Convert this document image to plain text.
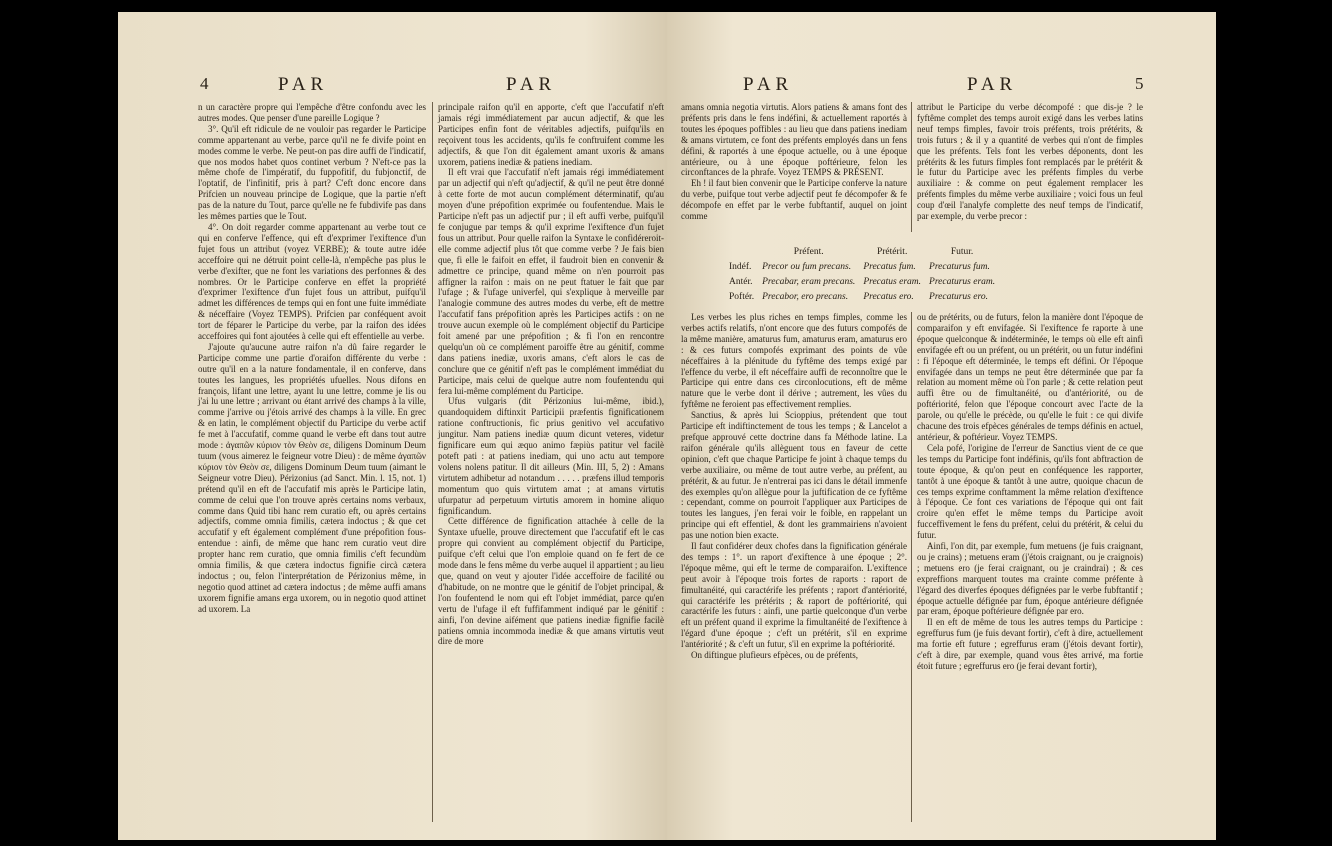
4	PAR	PAR

n un caractère propre qui l'empêche d'être confondu avec les autres modes. Que penser d'une pareille Logique ?

3°. Qu'il eft ridicule de ne vouloir pas regarder le Participe comme appartenant au verbe, parce qu'il ne fe divife point en modes comme le verbe. Ne peut-on pas dire auffi de l'indicatif, que nos modos habet quos continet verbum ? N'eft-ce pas la même chofe de l'impératif, du fuppofitif, du fubjonctif, de l'optatif, de l'infinitif, pris à part? C'eft donc encore dans Prifcien un nouveau principe de Logique, que la partie n'eft pas de la nature du Tout, parce qu'elle ne fe fubdivife pas dans les mêmes parties que le Tout.

4°. On doit regarder comme appartenant au verbe tout ce qui en conferve l'effence, qui eft d'exprimer l'exiftence d'un fujet fous un attribut (voyez VERBE); & toute autre idée acceffoire qui ne détruit point celle-là, n'empêche pas plus le verbe d'exifter, que ne font les variations des perfonnes & des nombres. Or le Participe conferve en effet la propriété d'exprimer l'exiftence d'un fujet fous un attribut, puifqu'il admet les différences de temps qui en font une fuite immédiate & néceffaire (Voyez TEMPS). Prifcien par conféquent avoit tort de féparer le Participe du verbe, par la raifon des idées acceffoires qui font ajoutées à celle qui eft effentielle au verbe.

J'ajoute qu'aucune autre raifon n'a dû faire regarder le Participe comme une partie d'oraifon différente du verbe : outre qu'il en a la nature fondamentale, il en conferve, dans toutes les langues, les propriétés ufuelles. Nous difons en françois, lifant une lettre, ayant lu une lettre, comme je lis ou j'ai lu une lettre ; arrivant ou étant arrivé des champs à la ville, comme j'arrive ou j'étois arrivé des champs à la ville. En grec & en latin, le complément objectif du Participe du verbe actif fe met à l'accufatif, comme quand le verbe eft dans tout autre mode : ἀγαπῶν κύριον τὸν Θεὸν σε, diligens Dominum Deum tuum (vous aimerez le feigneur votre Dieu) : de même ἀγαπῶν κύριον τὸν Θεὸν σε, diligens Dominum Deum tuum (aimant le Seigneur votre Dieu). Périzonius (ad Sanct. Min. l. 15, not. 1) prétend qu'il en eft de l'accufatif mis après le Participe latin, comme de celui que l'on trouve après certains noms verbaux, comme dans Quid tibi hanc rem curatio eft, ou après certains adjectifs, comme omnia fimilis, cætera indoctus ; & que cet accufatif y eft également complément d'une prépofition fous-entendue : ainfi, de même que hanc rem curatio veut dire propter hanc rem curatio, que omnia fimilis c'eft fecundùm omnia fimilis, & que cætera indoctus fignifie circà cætera indoctus ; ou, felon l'interprétation de Périzonius même, in negotio quod attinet ad cætera indoctus ; de même auffi amans uxorem fignifie amans erga uxorem, ou in negotio quod attinet ad uxorem. La

principale raifon qu'il en apporte, c'eft que l'accufatif n'eft jamais régi immédiatement par aucun adjectif, & que les Participes enfin font de véritables adjectifs, puifqu'ils en reçoivent tous les accidents, qu'ils fe conftruifent comme les adjectifs, & que l'on dit également amant uxoris & amans uxorem, patiens inediæ & patiens inediam.

Il eft vrai que l'accufatif n'eft jamais régi immédiatement par un adjectif qui n'eft qu'adjectif, & qu'il ne peut être donné à cette forte de mot aucun complément déterminatif, qu'au moyen d'une prépofition exprimée ou foufentendue. Mais le Participe n'eft pas un adjectif pur ; il eft auffi verbe, puifqu'il fe conjugue par temps & qu'il exprime l'exiftence d'un fujet fous un attribut. Pour quelle raifon la Syntaxe le confidéreroit-elle comme adjectif plus tôt que comme verbe ? Je fais bien que, fi elle le faifoit en effet, il faudroit bien en convenir & admettre ce principe, quand même on n'en pourroit pas affigner la raifon : mais on ne peut ftatuer le fait que par l'ufage ; & l'ufage univerfel, qui s'explique à merveille par l'analogie commune des autres modes du verbe, eft de mettre l'accufatif fans prépofition après les Participes actifs : on ne trouve aucun exemple où le complément objectif du Participe foit amené par une prépofition ; & fi l'on en rencontre quelqu'un où ce complément paroiffe être au génitif, comme dans patiens inediæ, uxoris amans, c'eft alors le cas de conclure que ce génitif n'eft pas le complément immédiat du Participe, mais celui de quelque autre nom foufentendu qui fera lui-même complément du Participe.

Ufus vulgaris (dit Périzonius lui-même, ibid.), quandoquidem diftinxit Participii præfentis fignificationem ratione conftructionis, fic prius genitivo vel accufativo jungitur. Nam patiens inediæ quum dicunt veteres, videtur fignificare eum qui æquo animo fæpiùs patitur vel facilè poteft pati : at patiens inediam, qui uno actu aut tempore volens nolens patitur. Il dit ailleurs (Min. III, 5, 2) : Amans virtutem adhibetur ad notandum . . . . . præfens illud temporis momentum quo quis virtutem amat ; at amans virtutis ufurpatur ad perpetuum virtutis amorem in homine aliquo fignificandum.

Cette différence de fignification attachée à celle de la Syntaxe ufuelle, prouve directement que l'accufatif eft le cas propre qui convient au complément objectif du Participe, puifque c'eft celui que l'on emploie quand on fe fert de ce mode dans le fens même du verbe auquel il appartient ; au lieu que, quand on veut y ajouter l'idée acceffoire de facilité ou d'habitude, on ne montre que le génitif de l'objet principal, & l'on foufentend le nom qui eft l'objet immédiat, parce qu'en vertu de l'ufage il eft fuffifamment indiqué par le génitif : ainfi, l'on devine aifément que patiens inediæ fignifie facilè patiens omnia incommoda inediæ & que amans virtutis veut dire de more

PAR	PAR	5

amans omnia negotia virtutis. Alors patiens & amans font des préfents pris dans le fens indéfini, & actuellement raportés à toutes les époques poffibles : au lieu que dans patiens inediam & amans virtutem, ce font des préfents employés dans un fens défini, & raportés à une époque actuelle, ou à une époque antérieure, ou à une époque poftérieure, felon les circonftances de la phrafe. Voyez TEMPS & PRÉSENT.

Eh ! il faut bien convenir que le Participe conferve la nature du verbe, puifque tout verbe adjectif peut fe décompofer & fe décompofe en effet par le verbe fubftantif, auquel on joint comme

attribut le Participe du verbe décompofé : que dis-je ? le fyftême complet des temps auroit exigé dans les verbes latins neuf temps fimples, favoir trois préfents, trois prétérits, & trois futurs ; & il y a quantité de verbes qui n'ont de fimples que les préfents. Tels font les verbes déponents, dont les prétérits & les futurs fimples font remplacés par le prétérit & le futur du Participe avec les préfents fimples du verbe auxiliaire : & comme on peut également remplacer les préfents fimples du même verbe auxiliaire ; voici fous un feul coup d'œil l'analyfe complette des neuf temps de l'indicatif, par exemple, du verbe precor :

	Préfent.	Prétérit.	Futur.
Indéf.	Precor ou fum precans.	Precatus fum.	Precaturus fum.
Antér.	Precabar, eram precans.	Precatus eram.	Precaturus eram.
Poftér.	Precabor, ero precans.	Precatus ero.	Precaturus ero.

Les verbes les plus riches en temps fimples, comme les verbes actifs relatifs, n'ont encore que des futurs compofés de la même manière, amaturus fum, amaturus eram, amaturus ero : & ces futurs compofés exprimant des points de vûe néceffaires à la plénitude du fyftême des temps exigé par l'effence du verbe, il eft néceffaire auffi de reconnoître que le Participe qui entre dans ces circonlocutions, eft de même nature que le verbe dont il dérive ; autrement, les vûes du fyftême ne feroient pas effectivement remplies.

Sanctius, & après lui Scioppius, prétendent que tout Participe eft indiftinctement de tous les temps ; & Lancelot a prefque approuvé cette doctrine dans fa Méthode latine. La raifon générale qu'ils allèguent tous en faveur de cette opinion, c'eft que chaque Participe fe joint à chaque temps du verbe auxiliaire, ou même de tout autre verbe, au préfent, au prétérit, & au futur. Je n'entrerai pas ici dans le détail immenfe des exemples qu'on allègue pour la juftification de ce fyftême : cependant, comme on pourroit l'appliquer aux Participes de toutes les langues, j'en ferai voir le foible, en rappelant un principe qui eft effentiel, & dont les grammairiens n'avoient pas une notion bien exacte.

Il faut confidérer deux chofes dans la fignification générale des temps : 1°. un raport d'exiftence à une époque ; 2°. l'époque même, qui eft le terme de comparaifon. L'exiftence peut avoir à l'époque trois fortes de raports : raport de fimultanéité, qui caractérife les préfents ; raport d'antériorité, qui caractérife les prétérits ; & raport de poftériorité, qui caractérife les futurs : ainfi, une partie quelconque d'un verbe eft un préfent quand il exprime la fimultanéité de l'exiftence à l'égard d'une époque ; c'eft un prétérit, s'il en exprime l'antériorité ; & c'eft un futur, s'il en exprime la poftériorité.

On diftingue plufieurs efpèces, ou de préfents,

ou de prétérits, ou de futurs, felon la manière dont l'époque de comparaifon y eft envifagée. Si l'exiftence fe raporte à une époque quelconque & indéterminée, le temps où elle eft ainfi envifagée eft ou un préfent, ou un prétérit, ou un futur indéfini : fi l'époque eft déterminée, le temps eft défini. Or l'époque envifagée dans un temps ne peut être déterminée que par fa relation au moment même où l'on parle ; & cette relation peut auffi être ou de fimultanéité, ou d'antériorité, ou de poftériorité, felon que l'époque concourt avec l'acte de la parole, ou qu'elle le précède, ou qu'elle le fuit : ce qui divife chacune des trois efpèces générales de temps définis en actuel, antérieur, & poftérieur. Voyez TEMPS.

Cela pofé, l'origine de l'erreur de Sanctius vient de ce que les temps du Participe font indéfinis, qu'ils font abftraction de toute époque, & qu'on peut en conféquence les rapporter, tantôt à une époque & tantôt à une autre, quoique chacun de ces temps exprime conftamment la même relation d'exiftence à l'époque. Ce font ces variations de l'époque qui ont fait croire qu'en effet le même temps du Participe avoit fucceffivement le fens du préfent, celui du prétérit, & celui du futur.

Ainfi, l'on dit, par exemple, fum metuens (je fuis craignant, ou je crains) ; metuens eram (j'étois craignant, ou je craignois) ; metuens ero (je ferai craignant, ou je craindrai) ; & ces expreffions marquent toutes ma crainte comme préfente à l'égard des diverfes époques défignées par le verbe fubftantif ; époque actuelle défignée par fum, époque antérieure défignée par eram, époque poftérieure défignée par ero.

Il en eft de même de tous les autres temps du Participe : egreffurus fum (je fuis devant fortir), c'eft à dire, actuellement ma fortie eft future ; egreffurus eram (j'étois devant fortir), c'eft à dire, par exemple, quand vous êtes arrivé, ma fortie étoit future ; egreffurus ero (je ferai devant fortir),
